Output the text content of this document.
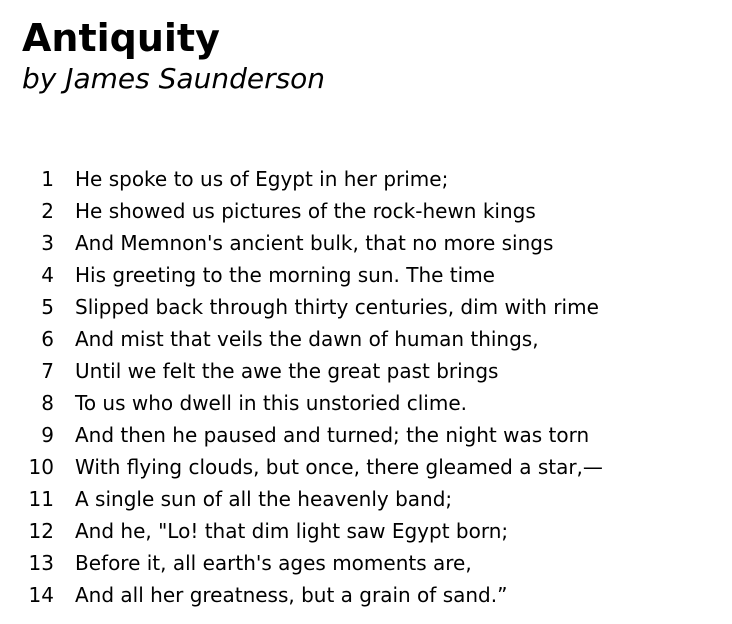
Antiquity
by James Saunderson
1 He spoke to us of Egypt in her prime;
2 He showed us pictures of the rock-hewn kings
3 And Memnon's ancient bulk, that no more sings
4 His greeting to the morning sun. The time
5 Slipped back through thirty centuries, dim with rime
6 And mist that veils the dawn of human things,
7 Until we felt the awe the great past brings
8 To us who dwell in this unstoried clime.
9 And then he paused and turned; the night was torn
10 With flying clouds, but once, there gleamed a star,—
11 A single sun of all the heavenly band;
12 And he, "Lo! that dim light saw Egypt born;
13 Before it, all earth's ages moments are,
14 And all her greatness, but a grain of sand.”
